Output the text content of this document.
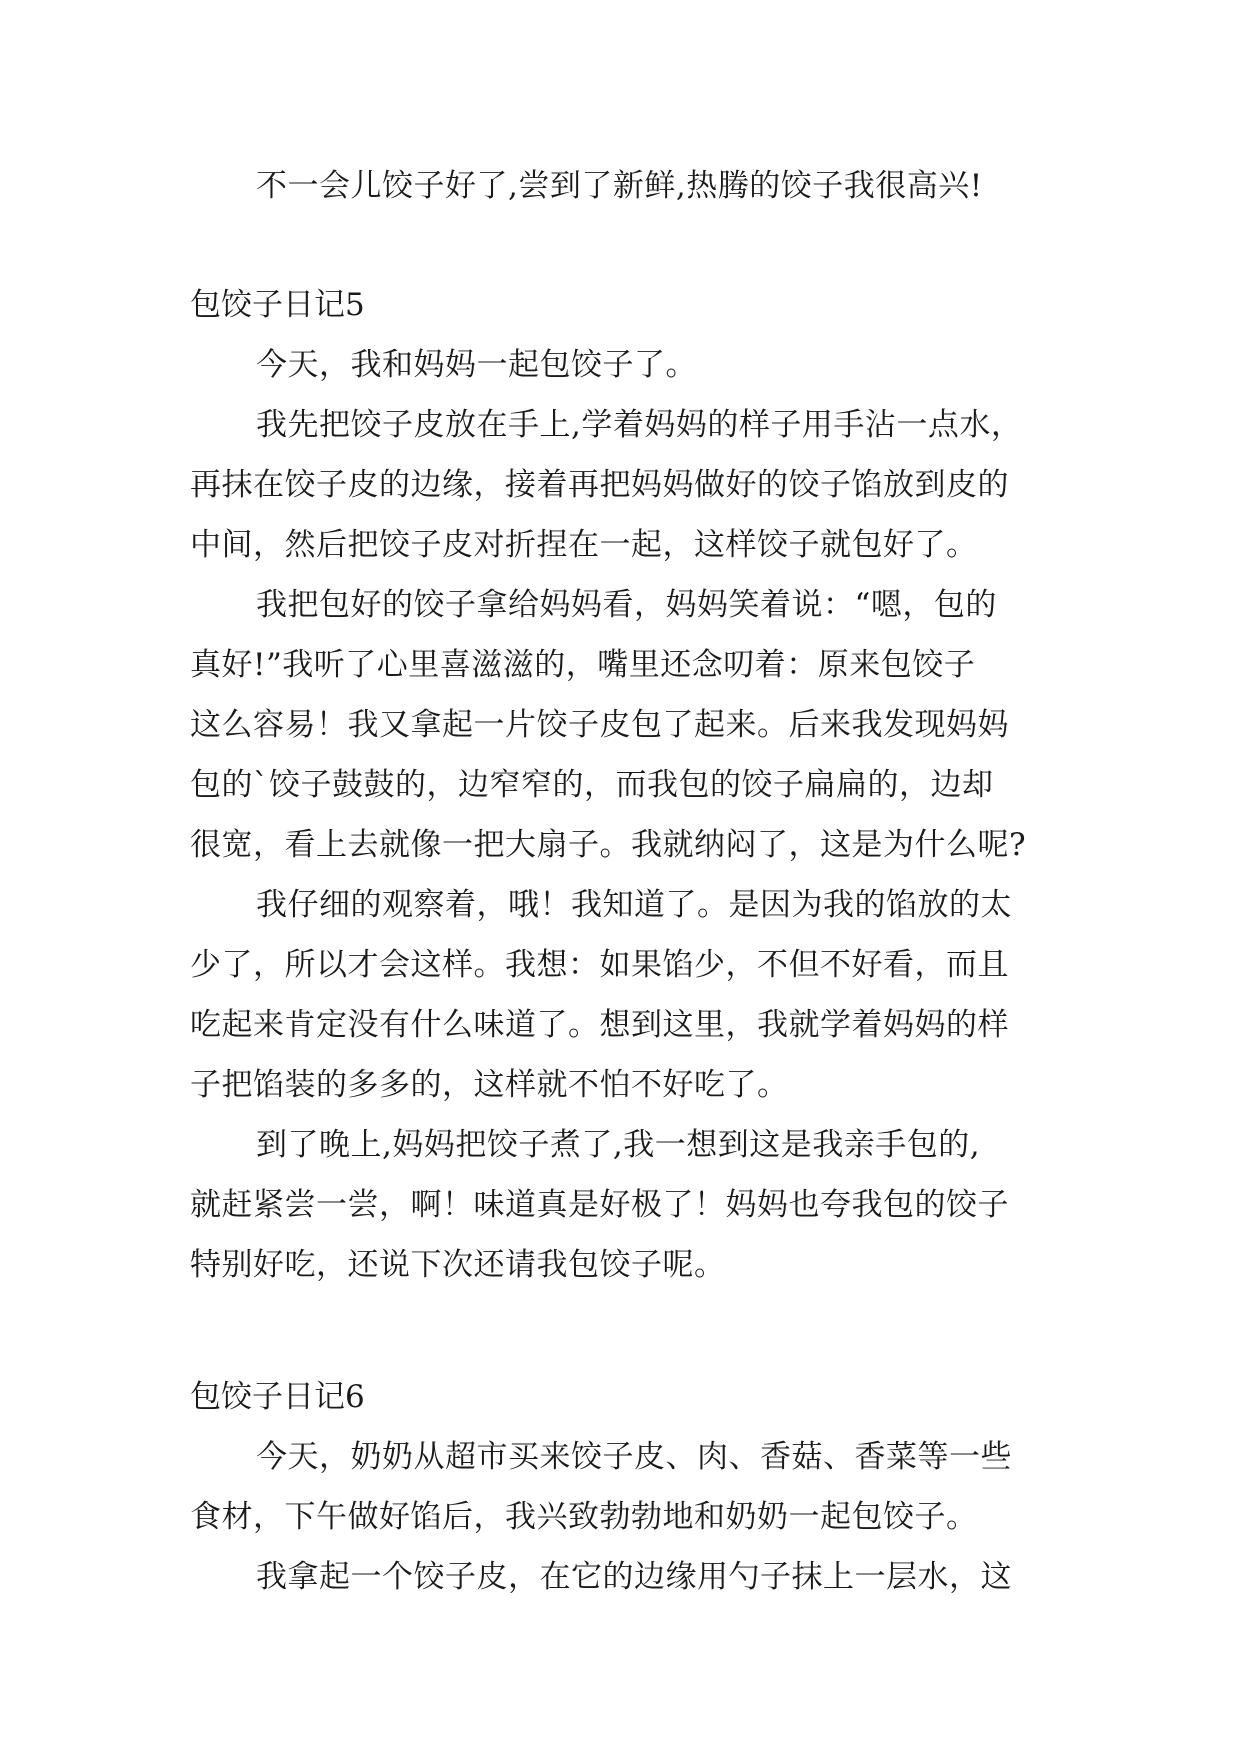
不一会儿饺子好了,尝到了新鲜,热腾的饺子我很高兴!
包饺子日记5
今天，我和妈妈一起包饺子了。
我先把饺子皮放在手上,学着妈妈的样子用手沾一点水，
再抹在饺子皮的边缘，接着再把妈妈做好的饺子馅放到皮的
中间，然后把饺子皮对折捏在一起，这样饺子就包好了。
我把包好的饺子拿给妈妈看，妈妈笑着说：“嗯，包的
真好!”我听了心里喜滋滋的，嘴里还念叨着：原来包饺子
这么容易！我又拿起一片饺子皮包了起来。后来我发现妈妈
包的`饺子鼓鼓的，边窄窄的，而我包的饺子扁扁的，边却
很宽，看上去就像一把大扇子。我就纳闷了，这是为什么呢?
我仔细的观察着，哦！我知道了。是因为我的馅放的太
少了，所以才会这样。我想：如果馅少，不但不好看，而且
吃起来肯定没有什么味道了。想到这里，我就学着妈妈的样
子把馅装的多多的，这样就不怕不好吃了。
到了晚上,妈妈把饺子煮了,我一想到这是我亲手包的,
就赶紧尝一尝，啊！味道真是好极了！妈妈也夸我包的饺子
特别好吃，还说下次还请我包饺子呢。
包饺子日记6
今天，奶奶从超市买来饺子皮、肉、香菇、香菜等一些
食材，下午做好馅后，我兴致勃勃地和奶奶一起包饺子。
我拿起一个饺子皮，在它的边缘用勺子抹上一层水，这
